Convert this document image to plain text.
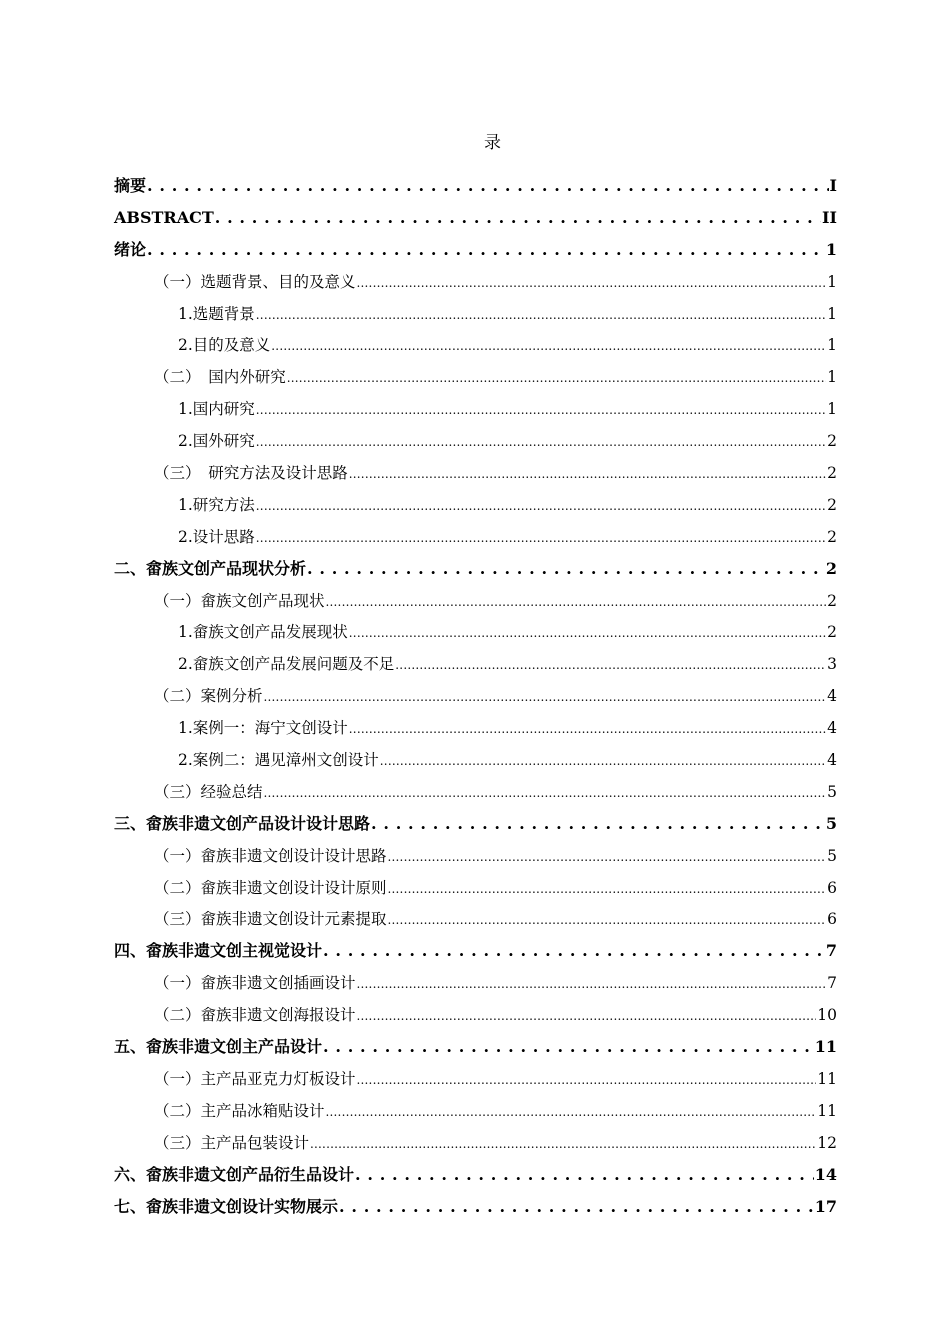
录
摘要 . . .	I
ABSTRACT . . .	II
绪论 . . .	1
（一）选题背景、目的及意义 .....	1
1.选题背景 .....	1
2.目的及意义 .....	1
（二）　国内外研究 .....	1
1.国内研究 .....	1
2.国外研究 .....	2
（三）　研究方法及设计思路 .....	2
1.研究方法 .....	2
2.设计思路 .....	2
二、畲族文创产品现状分析 . . .	2
（一）畲族文创产品现状 .....	2
1.畲族文创产品发展现状 .....	2
2.畲族文创产品发展问题及不足 .....	3
（二）案例分析 .....	4
1.案例一：海宁文创设计 .....	4
2.案例二：遇见漳州文创设计 .....	4
（三）经验总结 .....	5
三、畲族非遗文创产品设计设计思路 . . .	5
（一）畲族非遗文创设计设计思路 .....	5
（二）畲族非遗文创设计设计原则 .....	6
（三）畲族非遗文创设计元素提取 .....	6
四、畲族非遗文创主视觉设计 . . .	7
（一）畲族非遗文创插画设计 .....	7
（二）畲族非遗文创海报设计 .....	10
五、畲族非遗文创主产品设计 . . .	11
（一）主产品亚克力灯板设计 .....	11
（二）主产品冰箱贴设计 .....	11
（三）主产品包装设计 .....	12
六、畲族非遗文创产品衍生品设计 . . .	14
七、畲族非遗文创设计实物展示 . . .	17
